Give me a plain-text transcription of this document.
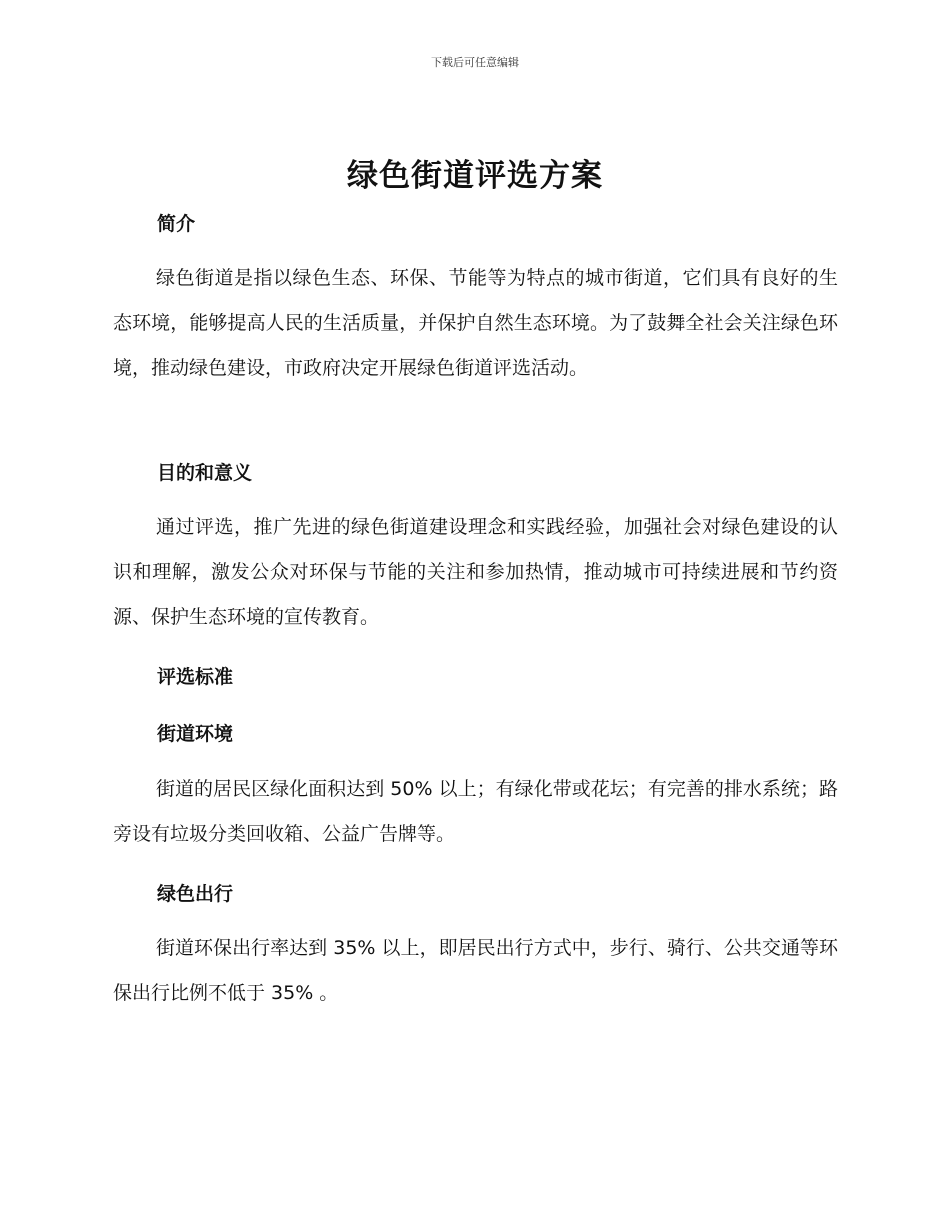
下载后可任意编辑
绿色街道评选方案
简介

绿色街道是指以绿色生态、环保、节能等为特点的城市街道，它们具有良好的生态环境，能够提高人民的生活质量，并保护自然生态环境。为了鼓舞全社会关注绿色环境，推动绿色建设，市政府决定开展绿色街道评选活动。

目的和意义

通过评选，推广先进的绿色街道建设理念和实践经验，加强社会对绿色建设的认识和理解，激发公众对环保与节能的关注和参加热情，推动城市可持续进展和节约资源、保护生态环境的宣传教育。

评选标准
街道环境

街道的居民区绿化面积达到 50% 以上；有绿化带或花坛；有完善的排水系统；路旁设有垃圾分类回收箱、公益广告牌等。

绿色出行

街道环保出行率达到 35% 以上，即居民出行方式中，步行、骑行、公共交通等环保出行比例不低于 35% 。
